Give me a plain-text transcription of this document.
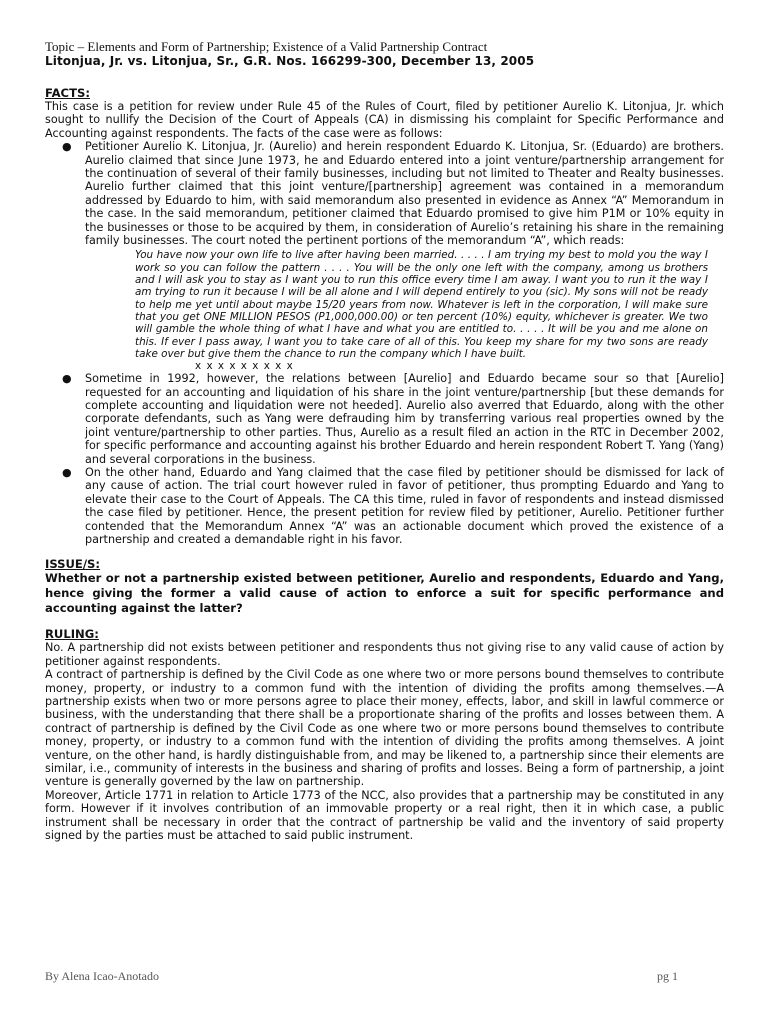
Topic – Elements and Form of Partnership; Existence of a Valid Partnership Contract

Litonjua, Jr. vs. Litonjua, Sr., G.R. Nos. 166299-300, December 13, 2005

FACTS:

This case is a petition for review under Rule 45 of the Rules of Court, filed by petitioner Aurelio K. Litonjua, Jr. which sought to nullify the Decision of the Court of Appeals (CA) in dismissing his complaint for Specific Performance and Accounting against respondents. The facts of the case were as follows:

● Petitioner Aurelio K. Litonjua, Jr. (Aurelio) and herein respondent Eduardo K. Litonjua, Sr. (Eduardo) are brothers. Aurelio claimed that since June 1973, he and Eduardo entered into a joint venture/partnership arrangement for the continuation of several of their family businesses, including but not limited to Theater and Realty businesses. Aurelio further claimed that this joint venture/[partnership] agreement was contained in a memorandum addressed by Eduardo to him, with said memorandum also presented in evidence as Annex “A” Memorandum in the case. In the said memorandum, petitioner claimed that Eduardo promised to give him P1M or 10% equity in the businesses or those to be acquired by them, in consideration of Aurelio’s retaining his share in the remaining family businesses. The court noted the pertinent portions of the memorandum “A”, which reads:
You have now your own life to live after having been married. . . . . I am trying my best to mold you the way I work so you can follow the pattern . . . . You will be the only one left with the company, among us brothers and I will ask you to stay as I want you to run this office every time I am away. I want you to run it the way I am trying to run it because I will be all alone and I will depend entirely to you (sic). My sons will not be ready to help me yet until about maybe 15/20 years from now. Whatever is left in the corporation, I will make sure that you get ONE MILLION PESOS (P1,000,000.00) or ten percent (10%) equity, whichever is greater. We two will gamble the whole thing of what I have and what you are entitled to. . . . . It will be you and me alone on this. If ever I pass away, I want you to take care of all of this. You keep my share for my two sons are ready take over but give them the chance to run the company which I have built.
x x x x x x x x x
● Sometime in 1992, however, the relations between [Aurelio] and Eduardo became sour so that [Aurelio] requested for an accounting and liquidation of his share in the joint venture/partnership [but these demands for complete accounting and liquidation were not heeded]. Aurelio also averred that Eduardo, along with the other corporate defendants, such as Yang were defrauding him by transferring various real properties owned by the joint venture/partnership to other parties. Thus, Aurelio as a result filed an action in the RTC in December 2002, for specific performance and accounting against his brother Eduardo and herein respondent Robert T. Yang (Yang) and several corporations in the business.
● On the other hand, Eduardo and Yang claimed that the case filed by petitioner should be dismissed for lack of any cause of action. The trial court however ruled in favor of petitioner, thus prompting Eduardo and Yang to elevate their case to the Court of Appeals. The CA this time, ruled in favor of respondents and instead dismissed the case filed by petitioner. Hence, the present petition for review filed by petitioner, Aurelio. Petitioner further contended that the Memorandum Annex “A” was an actionable document which proved the existence of a partnership and created a demandable right in his favor.

ISSUE/S:

Whether or not a partnership existed between petitioner, Aurelio and respondents, Eduardo and Yang, hence giving the former a valid cause of action to enforce a suit for specific performance and accounting against the latter?

RULING:

No. A partnership did not exists between petitioner and respondents thus not giving rise to any valid cause of action by petitioner against respondents.

A contract of partnership is defined by the Civil Code as one where two or more persons bound themselves to contribute money, property, or industry to a common fund with the intention of dividing the profits among themselves.—A partnership exists when two or more persons agree to place their money, effects, labor, and skill in lawful commerce or business, with the understanding that there shall be a proportionate sharing of the profits and losses between them. A contract of partnership is defined by the Civil Code as one where two or more persons bound themselves to contribute money, property, or industry to a common fund with the intention of dividing the profits among themselves. A joint venture, on the other hand, is hardly distinguishable from, and may be likened to, a partnership since their elements are similar, i.e., community of interests in the business and sharing of profits and losses. Being a form of partnership, a joint venture is generally governed by the law on partnership.

Moreover, Article 1771 in relation to Article 1773 of the NCC, also provides that a partnership may be constituted in any form. However if it involves contribution of an immovable property or a real right, then it in which case, a public instrument shall be necessary in order that the contract of partnership be valid and the inventory of said property signed by the parties must be attached to said public instrument.

By Alena Icao-Anotado	pg 1
